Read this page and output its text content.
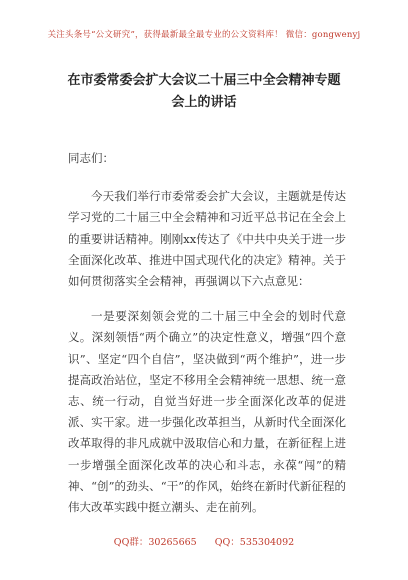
关注头条号“公文研究”，获得最新最全最专业的公文资料库！ 微信：gongwenyj
在市委常委会扩大会议二十届三中全会精神专题会上的讲话

同志们：

今天我们举行市委常委会扩大会议，主题就是传达学习党的二十届三中全会精神和习近平总书记在全会上的重要讲话精神。刚刚xx传达了《中共中央关于进一步全面深化改革、推进中国式现代化的决定》精神。关于如何贯彻落实全会精神，再强调以下六点意见：

一是要深刻领会党的二十届三中全会的划时代意义。深刻领悟“两个确立”的决定性意义，增强“四个意识”、坚定“四个自信”，坚决做到“两个维护”，进一步提高政治站位，坚定不移用全会精神统一思想、统一意志、统一行动，自觉当好进一步全面深化改革的促进派、实干家。进一步强化改革担当，从新时代全面深化改革取得的非凡成就中汲取信心和力量，在新征程上进一步增强全面深化改革的决心和斗志，永葆“闯”的精神、“创”的劲头、“干”的作风，始终在新时代新征程的伟大改革实践中挺立潮头、走在前列。

QQ群：30265665 QQ：535304092
